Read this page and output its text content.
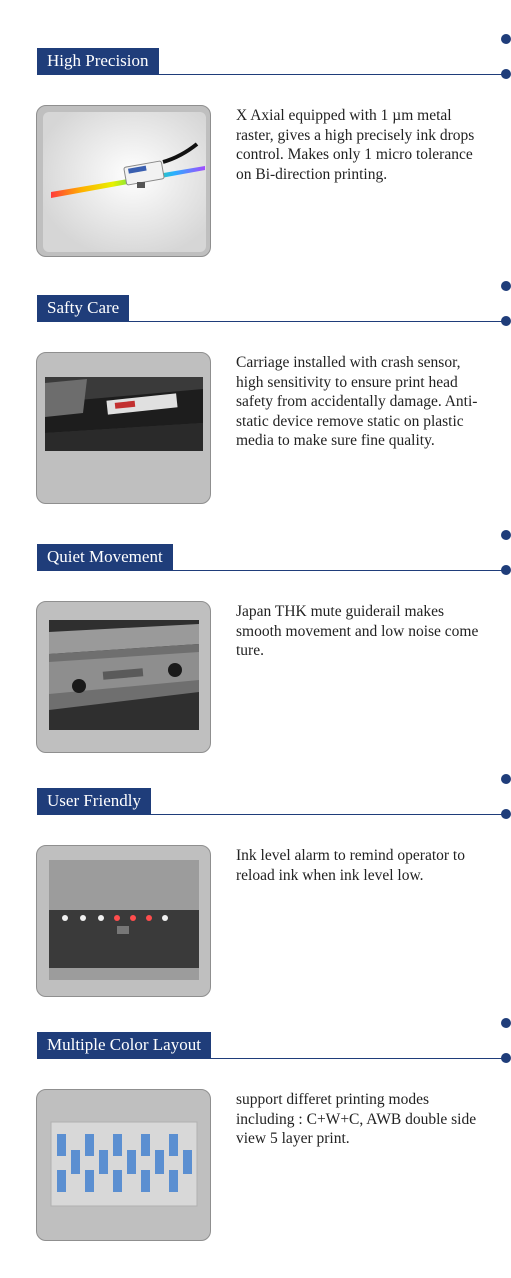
High Precision
X Axial equipped with 1 µm metal raster, gives a high precisely ink drops control. Makes only 1 micro tolerance on Bi-direction printing.
Safty Care
Carriage installed with crash sensor, high sensitivity to ensure print head safety from accidentally damage. Anti-static device remove static on plastic media to make sure fine quality.
Quiet Movement
Japan THK mute guiderail makes smooth movement and low noise come ture.
User Friendly
Ink level alarm to remind operator to reload ink when ink level low.
Multiple Color Layout
support differet printing modes including : C+W+C, AWB double side view 5 layer print.
